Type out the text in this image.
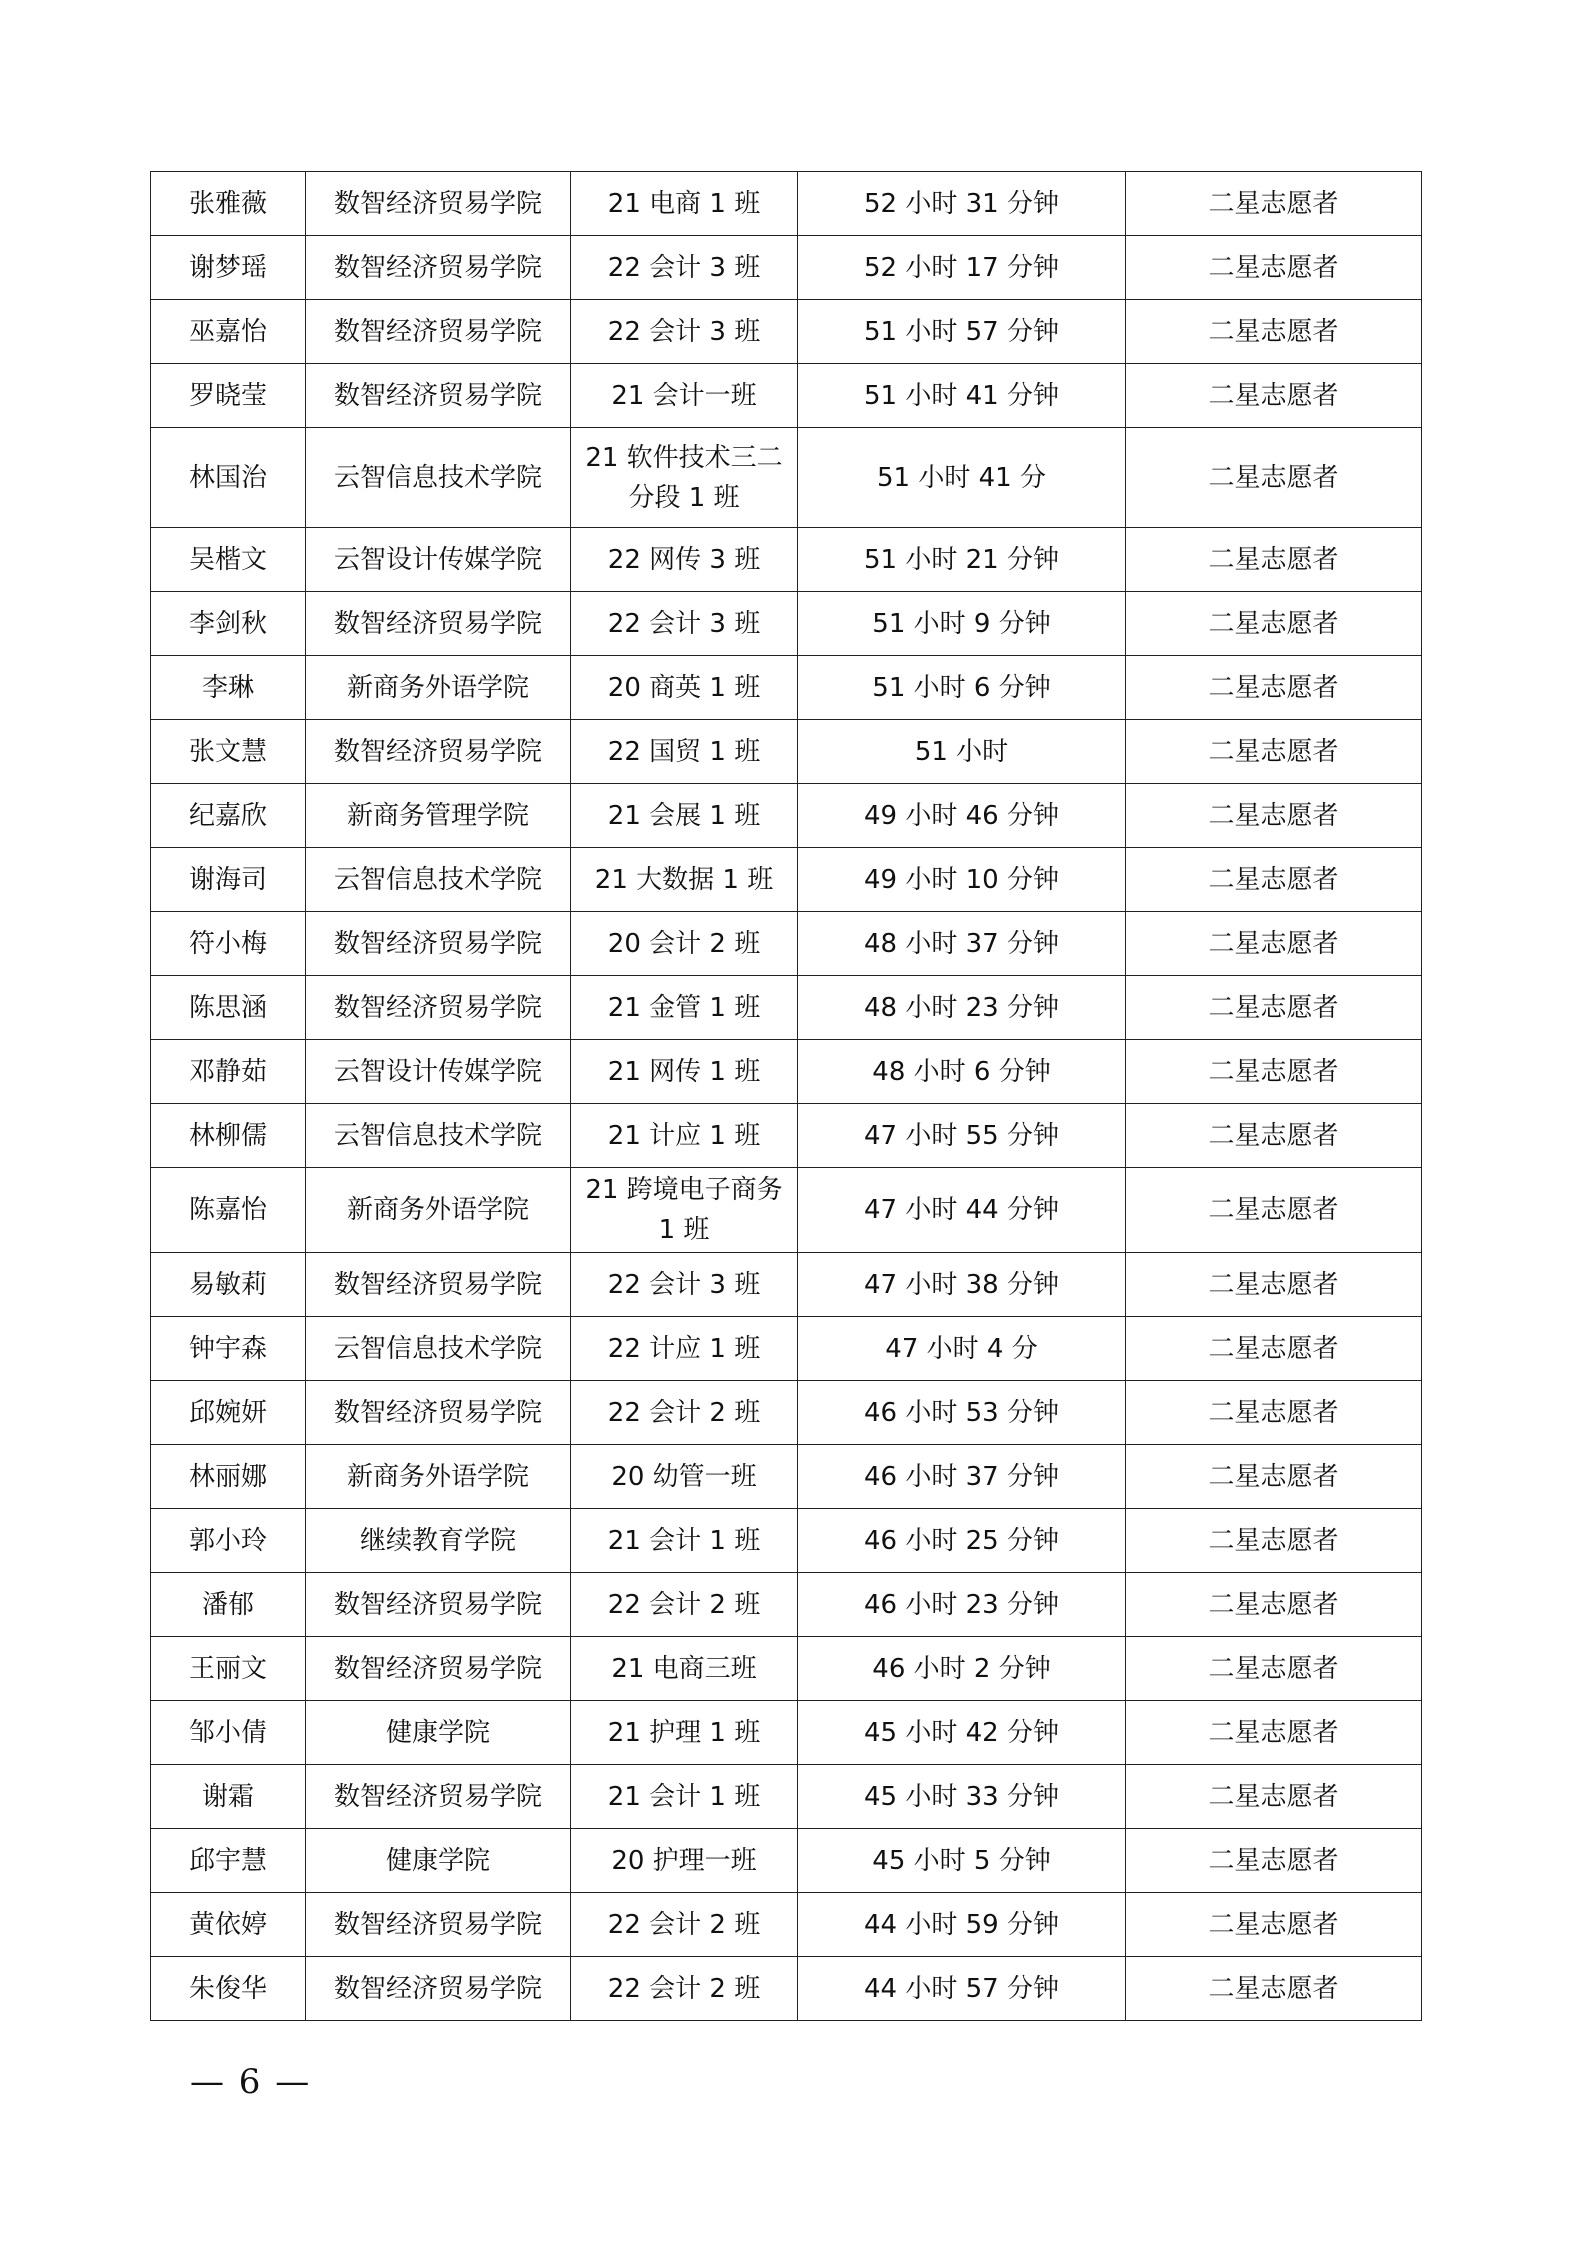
张雅薇	数智经济贸易学院	21 电商 1 班	52 小时 31 分钟	二星志愿者
谢梦瑶	数智经济贸易学院	22 会计 3 班	52 小时 17 分钟	二星志愿者
巫嘉怡	数智经济贸易学院	22 会计 3 班	51 小时 57 分钟	二星志愿者
罗晓莹	数智经济贸易学院	21 会计一班	51 小时 41 分钟	二星志愿者
林国治	云智信息技术学院	21 软件技术三二分段 1 班	51 小时 41 分	二星志愿者
吴楷文	云智设计传媒学院	22 网传 3 班	51 小时 21 分钟	二星志愿者
李剑秋	数智经济贸易学院	22 会计 3 班	51 小时 9 分钟	二星志愿者
李琳	新商务外语学院	20 商英 1 班	51 小时 6 分钟	二星志愿者
张文慧	数智经济贸易学院	22 国贸 1 班	51 小时	二星志愿者
纪嘉欣	新商务管理学院	21 会展 1 班	49 小时 46 分钟	二星志愿者
谢海司	云智信息技术学院	21 大数据 1 班	49 小时 10 分钟	二星志愿者
符小梅	数智经济贸易学院	20 会计 2 班	48 小时 37 分钟	二星志愿者
陈思涵	数智经济贸易学院	21 金管 1 班	48 小时 23 分钟	二星志愿者
邓静茹	云智设计传媒学院	21 网传 1 班	48 小时 6 分钟	二星志愿者
林柳儒	云智信息技术学院	21 计应 1 班	47 小时 55 分钟	二星志愿者
陈嘉怡	新商务外语学院	21 跨境电子商务 1 班	47 小时 44 分钟	二星志愿者
易敏莉	数智经济贸易学院	22 会计 3 班	47 小时 38 分钟	二星志愿者
钟宇森	云智信息技术学院	22 计应 1 班	47 小时 4 分	二星志愿者
邱婉妍	数智经济贸易学院	22 会计 2 班	46 小时 53 分钟	二星志愿者
林丽娜	新商务外语学院	20 幼管一班	46 小时 37 分钟	二星志愿者
郭小玲	继续教育学院	21 会计 1 班	46 小时 25 分钟	二星志愿者
潘郁	数智经济贸易学院	22 会计 2 班	46 小时 23 分钟	二星志愿者
王丽文	数智经济贸易学院	21 电商三班	46 小时 2 分钟	二星志愿者
邹小倩	健康学院	21 护理 1 班	45 小时 42 分钟	二星志愿者
谢霜	数智经济贸易学院	21 会计 1 班	45 小时 33 分钟	二星志愿者
邱宇慧	健康学院	20 护理一班	45 小时 5 分钟	二星志愿者
黄依婷	数智经济贸易学院	22 会计 2 班	44 小时 59 分钟	二星志愿者
朱俊华	数智经济贸易学院	22 会计 2 班	44 小时 57 分钟	二星志愿者
— 6 —
